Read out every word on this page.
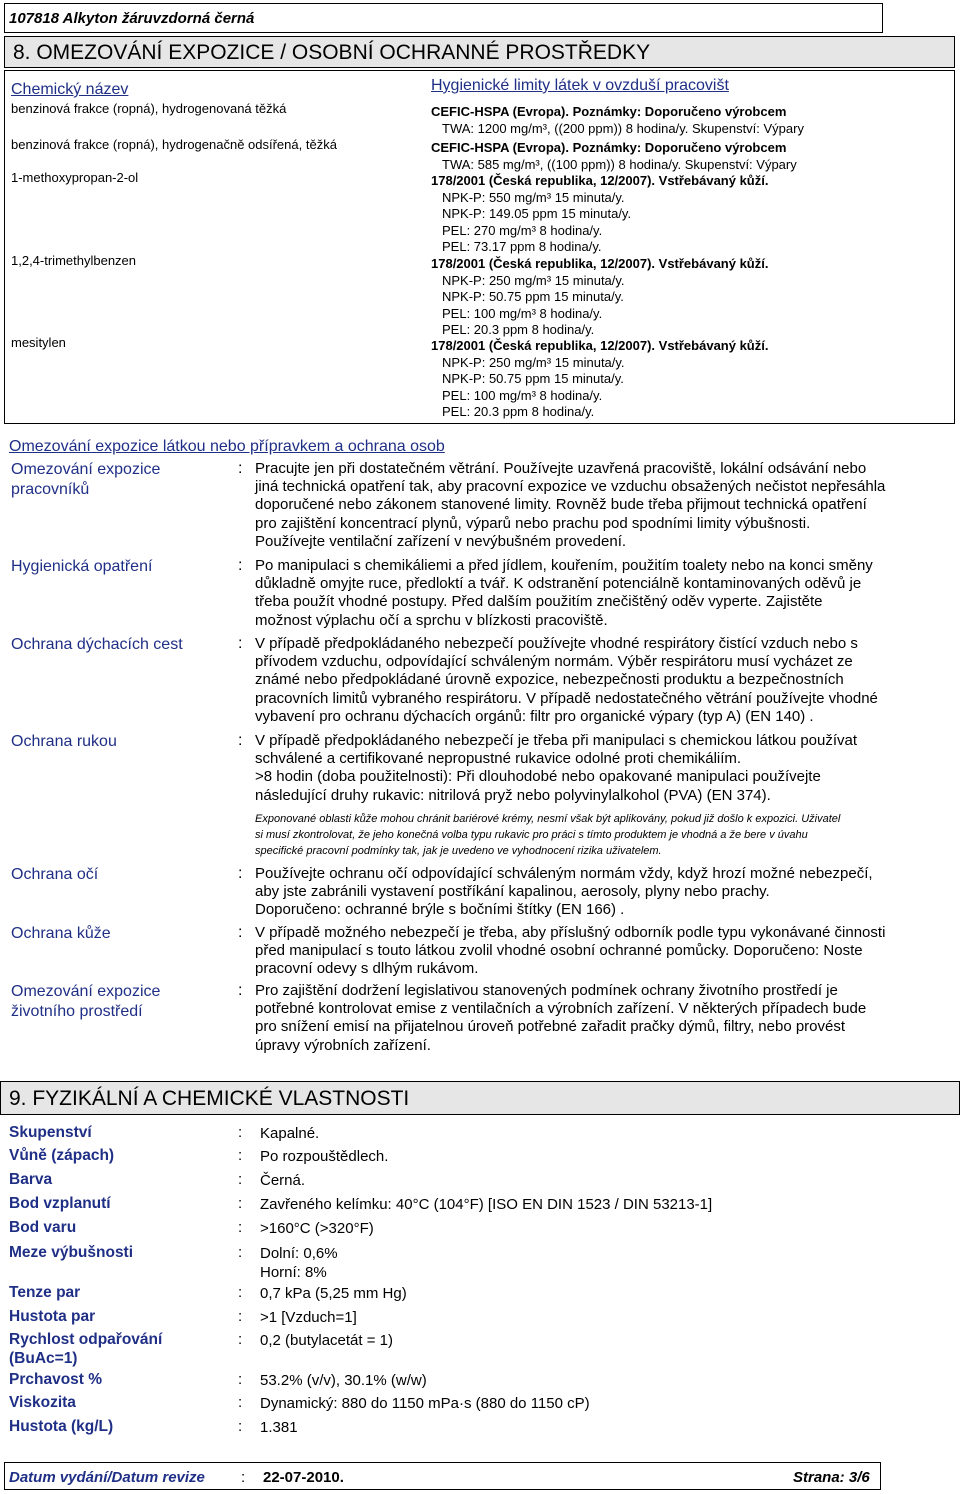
107818 Alkyton žáruvzdorná černá
8. OMEZOVÁNÍ EXPOZICE / OSOBNÍ OCHRANNÉ PROSTŘEDKY
Chemický název	Hygienické limity látek v ovzduší pracovišt
benzinová frakce (ropná), hydrogenovaná těžká	CEFIC-HSPA (Evropa). Poznámky: Doporučeno výrobcem
TWA: 1200 mg/m³, ((200 ppm)) 8 hodina/y. Skupenství: Výpary
benzinová frakce (ropná), hydrogenačně odsířená, těžká	CEFIC-HSPA (Evropa). Poznámky: Doporučeno výrobcem
TWA: 585 mg/m³, ((100 ppm)) 8 hodina/y. Skupenství: Výpary
1-methoxypropan-2-ol	178/2001 (Česká republika, 12/2007). Vstřebávaný kůží.
NPK-P: 550 mg/m³ 15 minuta/y.
NPK-P: 149.05 ppm 15 minuta/y.
PEL: 270 mg/m³ 8 hodina/y.
PEL: 73.17 ppm 8 hodina/y.
1,2,4-trimethylbenzen	178/2001 (Česká republika, 12/2007). Vstřebávaný kůží.
NPK-P: 250 mg/m³ 15 minuta/y.
NPK-P: 50.75 ppm 15 minuta/y.
PEL: 100 mg/m³ 8 hodina/y.
PEL: 20.3 ppm 8 hodina/y.
mesitylen	178/2001 (Česká republika, 12/2007). Vstřebávaný kůží.
NPK-P: 250 mg/m³ 15 minuta/y.
NPK-P: 50.75 ppm 15 minuta/y.
PEL: 100 mg/m³ 8 hodina/y.
PEL: 20.3 ppm 8 hodina/y.
Omezování expozice látkou nebo přípravkem a ochrana osob
Omezování expozice
pracovníků
: Pracujte jen při dostatečném větrání. Používejte uzavřená pracoviště, lokální odsávání nebo
jiná technická opatření tak, aby pracovní expozice ve vzduchu obsažených nečistot nepřesáhla
doporučené nebo zákonem stanovené limity. Rovněž bude třeba přijmout technická opatření
pro zajištění koncentrací plynů, výparů nebo prachu pod spodními limity výbušnosti.
Používejte ventilační zařízení v nevýbušném provedení.
Hygienická opatření	: Po manipulaci s chemikáliemi a před jídlem, kouřením, použitím toalety nebo na konci směny
důkladně omyjte ruce, předloktí a tvář. K odstranění potenciálně kontaminovaných oděvů je
třeba použít vhodné postupy. Před dalším použitím znečištěný oděv vyperte. Zajistěte
možnost výplachu očí a sprchu v blízkosti pracoviště.
Ochrana dýchacích cest	: V případě předpokládaného nebezpečí používejte vhodné respirátory čistící vzduch nebo s
přívodem vzduchu, odpovídající schváleným normám. Výběr respirátoru musí vycházet ze
známé nebo předpokládané úrovně expozice, nebezpečnosti produktu a bezpečnostních
pracovních limitů vybraného respirátoru. V případě nedostatečného větrání používejte vhodné
vybavení pro ochranu dýchacích orgánů: filtr pro organické výpary (typ A) (EN 140) .
Ochrana rukou	: V případě předpokládaného nebezpečí je třeba při manipulaci s chemickou látkou používat
schválené a certifikované nepropustné rukavice odolné proti chemikáliím.
>8 hodin (doba použitelnosti): Při dlouhodobé nebo opakované manipulaci používejte
následující druhy rukavic: nitrilová pryž nebo polyvinylalkohol (PVA) (EN 374).
Exponované oblasti kůže mohou chránit bariérové krémy, nesmí však být aplikovány, pokud již došlo k expozici. Uživatel
si musí zkontrolovat, že jeho konečná volba typu rukavic pro práci s tímto produktem je vhodná a že bere v úvahu
specifické pracovní podmínky tak, jak je uvedeno ve vyhodnocení rizika uživatelem.
Ochrana očí	: Používejte ochranu očí odpovídající schváleným normám vždy, když hrozí možné nebezpečí,
aby jste zabránili vystavení postříkání kapalinou, aerosoly, plyny nebo prachy.
Doporučeno: ochranné brýle s bočními štítky (EN 166) .
Ochrana kůže	: V případě možného nebezpečí je třeba, aby příslušný odborník podle typu vykonávané činnosti
před manipulací s touto látkou zvolil vhodné osobní ochranné pomůcky. Doporučeno: Noste
pracovní odevy s dlhým rukávom.
Omezování expozice
životního prostředí
: Pro zajištění dodržení legislativou stanovených podmínek ochrany životního prostředí je
potřebné kontrolovat emise z ventilačních a výrobních zařízení. V některých případech bude
pro snížení emisí na přijatelnou úroveň potřebné zařadit pračky dýmů, filtry, nebo provést
úpravy výrobních zařízení.
9. FYZIKÁLNÍ A CHEMICKÉ VLASTNOSTI
Skupenství	: Kapalné.
Vůně (zápach)	: Po rozpouštědlech.
Barva	: Černá.
Bod vzplanutí	: Zavřeného kelímku: 40°C (104°F) [ISO EN DIN 1523 / DIN 53213-1]
Bod varu	: >160°C (>320°F)
Meze výbušnosti	: Dolní: 0,6%
Horní: 8%
Tenze par	: 0,7 kPa (5,25 mm Hg)
Hustota par	: >1 [Vzduch=1]
Rychlost odpařování
(BuAc=1)
: 0,2 (butylacetát = 1)
Prchavost %	: 53.2% (v/v), 30.1% (w/w)
Viskozita	: Dynamický: 880 do 1150 mPa·s (880 do 1150 cP)
Hustota (kg/L)	: 1.381
Datum vydání/Datum revize : 22-07-2010.	Strana: 3/6
